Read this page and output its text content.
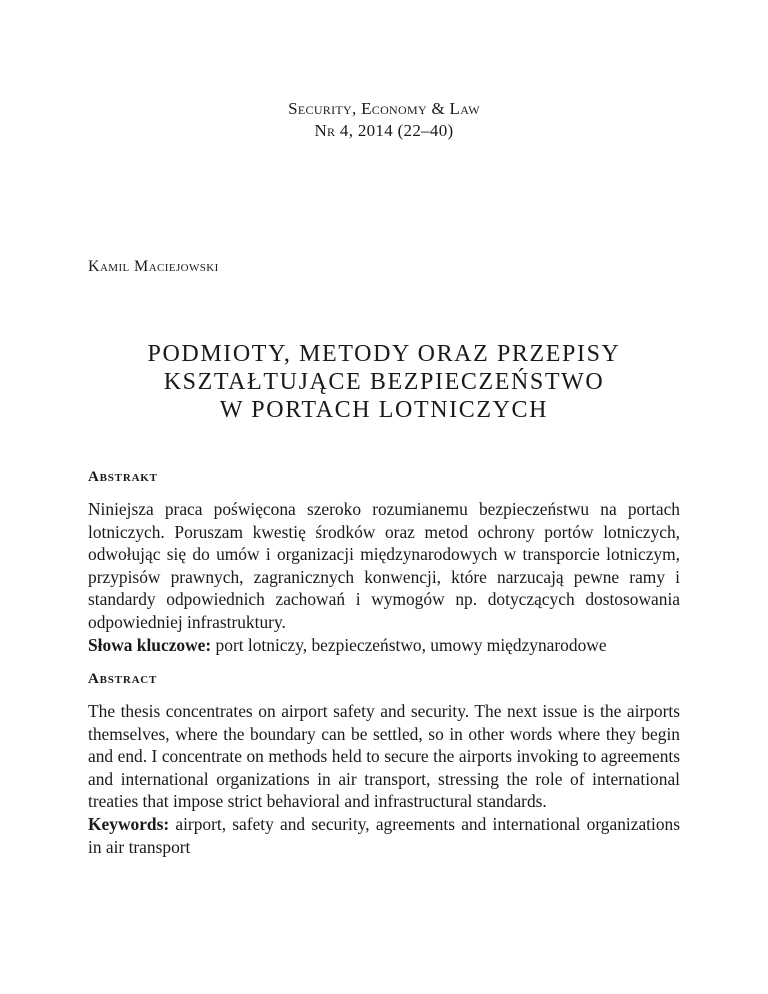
Security, Economy & Law
Nr 4, 2014 (22–40)
Kamil Maciejowski
PODMIOTY, METODY ORAZ PRZEPISY
KSZTAŁTUJĄCE BEZPIECZEŃSTWO
W PORTACH LOTNICZYCH

Abstrakt

Niniejsza praca poświęcona szeroko rozumianemu bezpieczeństwu na portach lotniczych. Poruszam kwestię środków oraz metod ochrony portów lotniczych, odwołując się do umów i organizacji międzynarodowych w transporcie lotniczym, przypisów prawnych, zagranicznych konwencji, które narzucają pewne ramy i standardy odpowiednich zachowań i wymogów np. dotyczących dostosowania odpowiedniej infrastruktury.

Słowa kluczowe: port lotniczy, bezpieczeństwo, umowy międzynarodowe

Abstract

The thesis concentrates on airport safety and security. The next issue is the airports themselves, where the boundary can be settled, so in other words where they begin and end. I concentrate on methods held to secure the airports invoking to agreements and international organizations in air transport, stressing the role of international treaties that impose strict behavioral and infrastructural standards.

Keywords: airport, safety and security, agreements and international organizations in air transport
